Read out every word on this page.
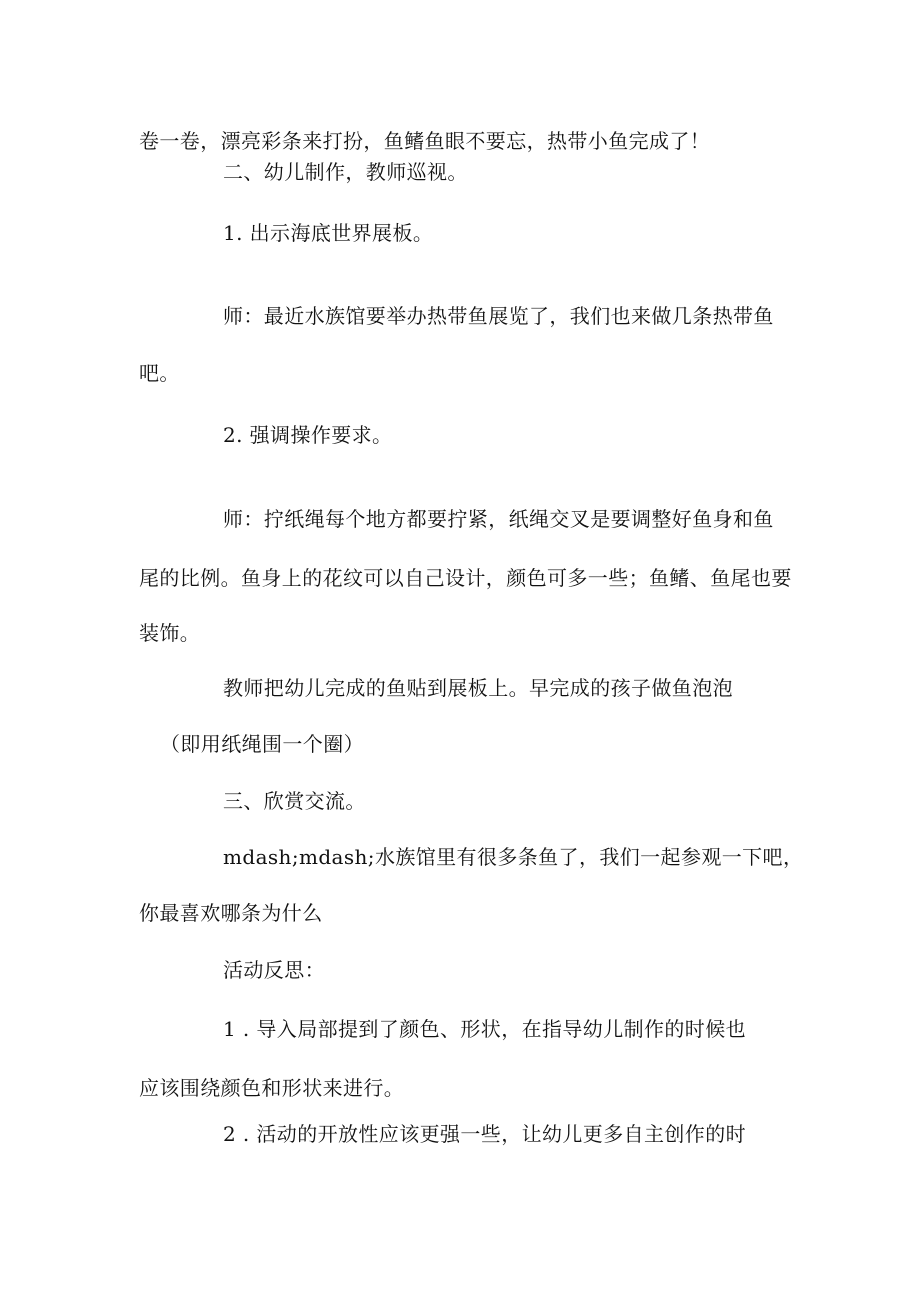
卷一卷，漂亮彩条来打扮，鱼鳍鱼眼不要忘，热带小鱼完成了！
二、幼儿制作，教师巡视。
1. 出示海底世界展板。
师：最近水族馆要举办热带鱼展览了，我们也来做几条热带鱼
吧。
2. 强调操作要求。
师：拧纸绳每个地方都要拧紧，纸绳交叉是要调整好鱼身和鱼
尾的比例。鱼身上的花纹可以自己设计，颜色可多一些；鱼鳍、鱼尾也要
装饰。
教师把幼儿完成的鱼贴到展板上。早完成的孩子做鱼泡泡
（即用纸绳围一个圈）
三、欣赏交流。
mdash;mdash;水族馆里有很多条鱼了，我们一起参观一下吧，
你最喜欢哪条为什么
活动反思：
1 . 导入局部提到了颜色、形状，在指导幼儿制作的时候也
应该围绕颜色和形状来进行。
2 . 活动的开放性应该更强一些，让幼儿更多自主创作的时
